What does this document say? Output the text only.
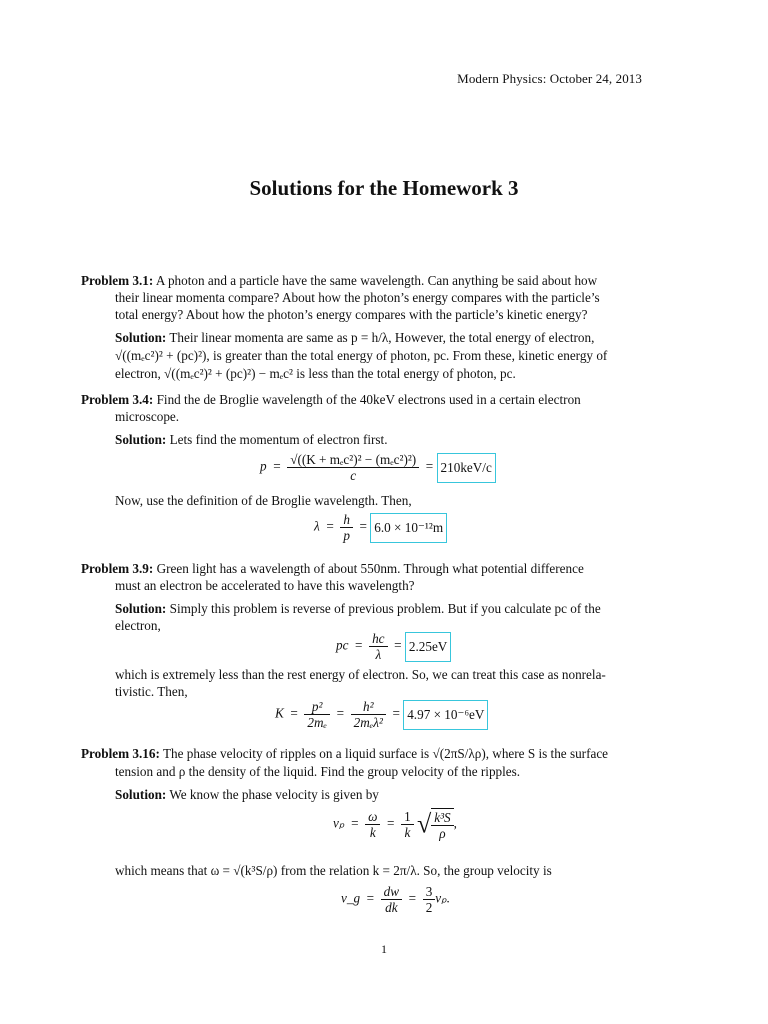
Modern Physics: October 24, 2013
Solutions for the Homework 3
Problem 3.1: A photon and a particle have the same wavelength. Can anything be said about how
their linear momenta compare? About how the photon’s energy compares with the particle’s
total energy? About how the photon’s energy compares with the particle’s kinetic energy?
Solution: Their linear momenta are same as p = h/λ, However, the total energy of electron,
√((mₑc²)² + (pc)²), is greater than the total energy of photon, pc. From these, kinetic energy of
electron, √((mₑc²)² + (pc)²) − mₑc² is less than the total energy of photon, pc.
Problem 3.4: Find the de Broglie wavelength of the 40keV electrons used in a certain electron
microscope.
Solution: Lets find the momentum of electron first.
$p = \frac{\text{√((K + mₑc²)² − (mₑc²)²)}}{c} = 210keV/c$
Now, use the definition of de Broglie wavelength. Then,
$\lambda = \frac{h}{p} = 6.0 \times 10^{-12}m$
Problem 3.9: Green light has a wavelength of about 550nm. Through what potential difference
must an electron be accelerated to have this wavelength?
Solution: Simply this problem is reverse of previous problem. But if you calculate pc of the
electron,
pc  = $\frac{hc}{\lambda} = 2.25eV$
which is extremely less than the rest energy of electron. So, we can treat this case as nonrela-
tivistic. Then,
$K = \frac{\text{p²}}{\text{2mₑ}} = \frac{\text{h²}}{\text{2mₑλ²}} = 4.97 \times 10^{-6}eV$
Problem 3.16: The phase velocity of ripples on a liquid surface is √(2πS/λρ), where S is the surface
tension and ρ the density of the liquid. Find the group velocity of the ripples.
Solution: We know the phase velocity is given by
$v_p = \frac{\omega}{k} = \frac{1}{k}$ √ $\frac{\text{k³S}}{\rho}$ ,
which means that ω = √(k³S/ρ) from the relation k = 2π/λ. So, the group velocity is
v_g  = $\frac{dw}{dk} = \frac{3}{2} v_p$.
1
